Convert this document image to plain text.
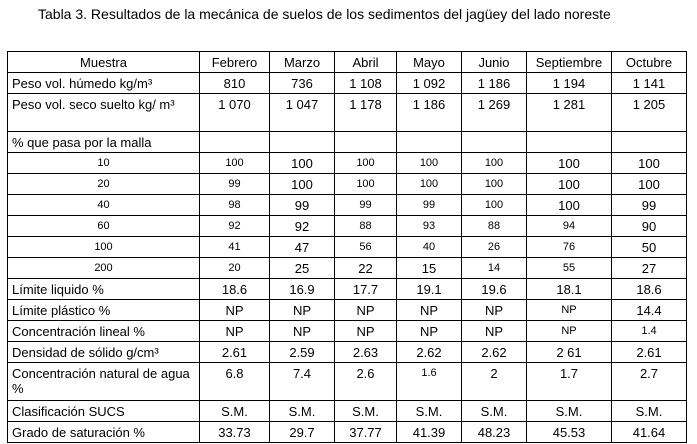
Tabla 3. Resultados de la mecánica de suelos de los sedimentos del jagüey del lado noreste
Muestra	Febrero	Marzo	Abril	Mayo	Junio	Septiembre	Octubre
Peso vol. húmedo kg/m³	810	736	1 108	1 092	1 186	1 194	1 141
Peso vol. seco suelto kg/ m³	1 070	1 047	1 178	1 186	1 269	1 281	1 205
% que pasa por la malla							
10	100	100	100	100	100	100	100
20	99	100	100	100	100	100	100
40	98	99	99	99	100	100	99
60	92	92	88	93	88	94	90
100	41	47	56	40	26	76	50
200	20	25	22	15	14	55	27
Límite liquido %	18.6	16.9	17.7	19.1	19.6	18.1	18.6
Límite plástico %	NP	NP	NP	NP	NP	NP	14.4
Concentración lineal %	NP	NP	NP	NP	NP	NP	1.4
Densidad de sólido g/cm³	2.61	2.59	2.63	2.62	2.62	2 61	2.61
Concentración natural de agua %	6.8	7.4	2.6	1.6	2	1.7	2.7
Clasificación SUCS	S.M.	S.M.	S.M.	S.M.	S.M.	S.M.	S.M.
Grado de saturación %	33.73	29.7	37.77	41.39	48.23	45.53	41.64
